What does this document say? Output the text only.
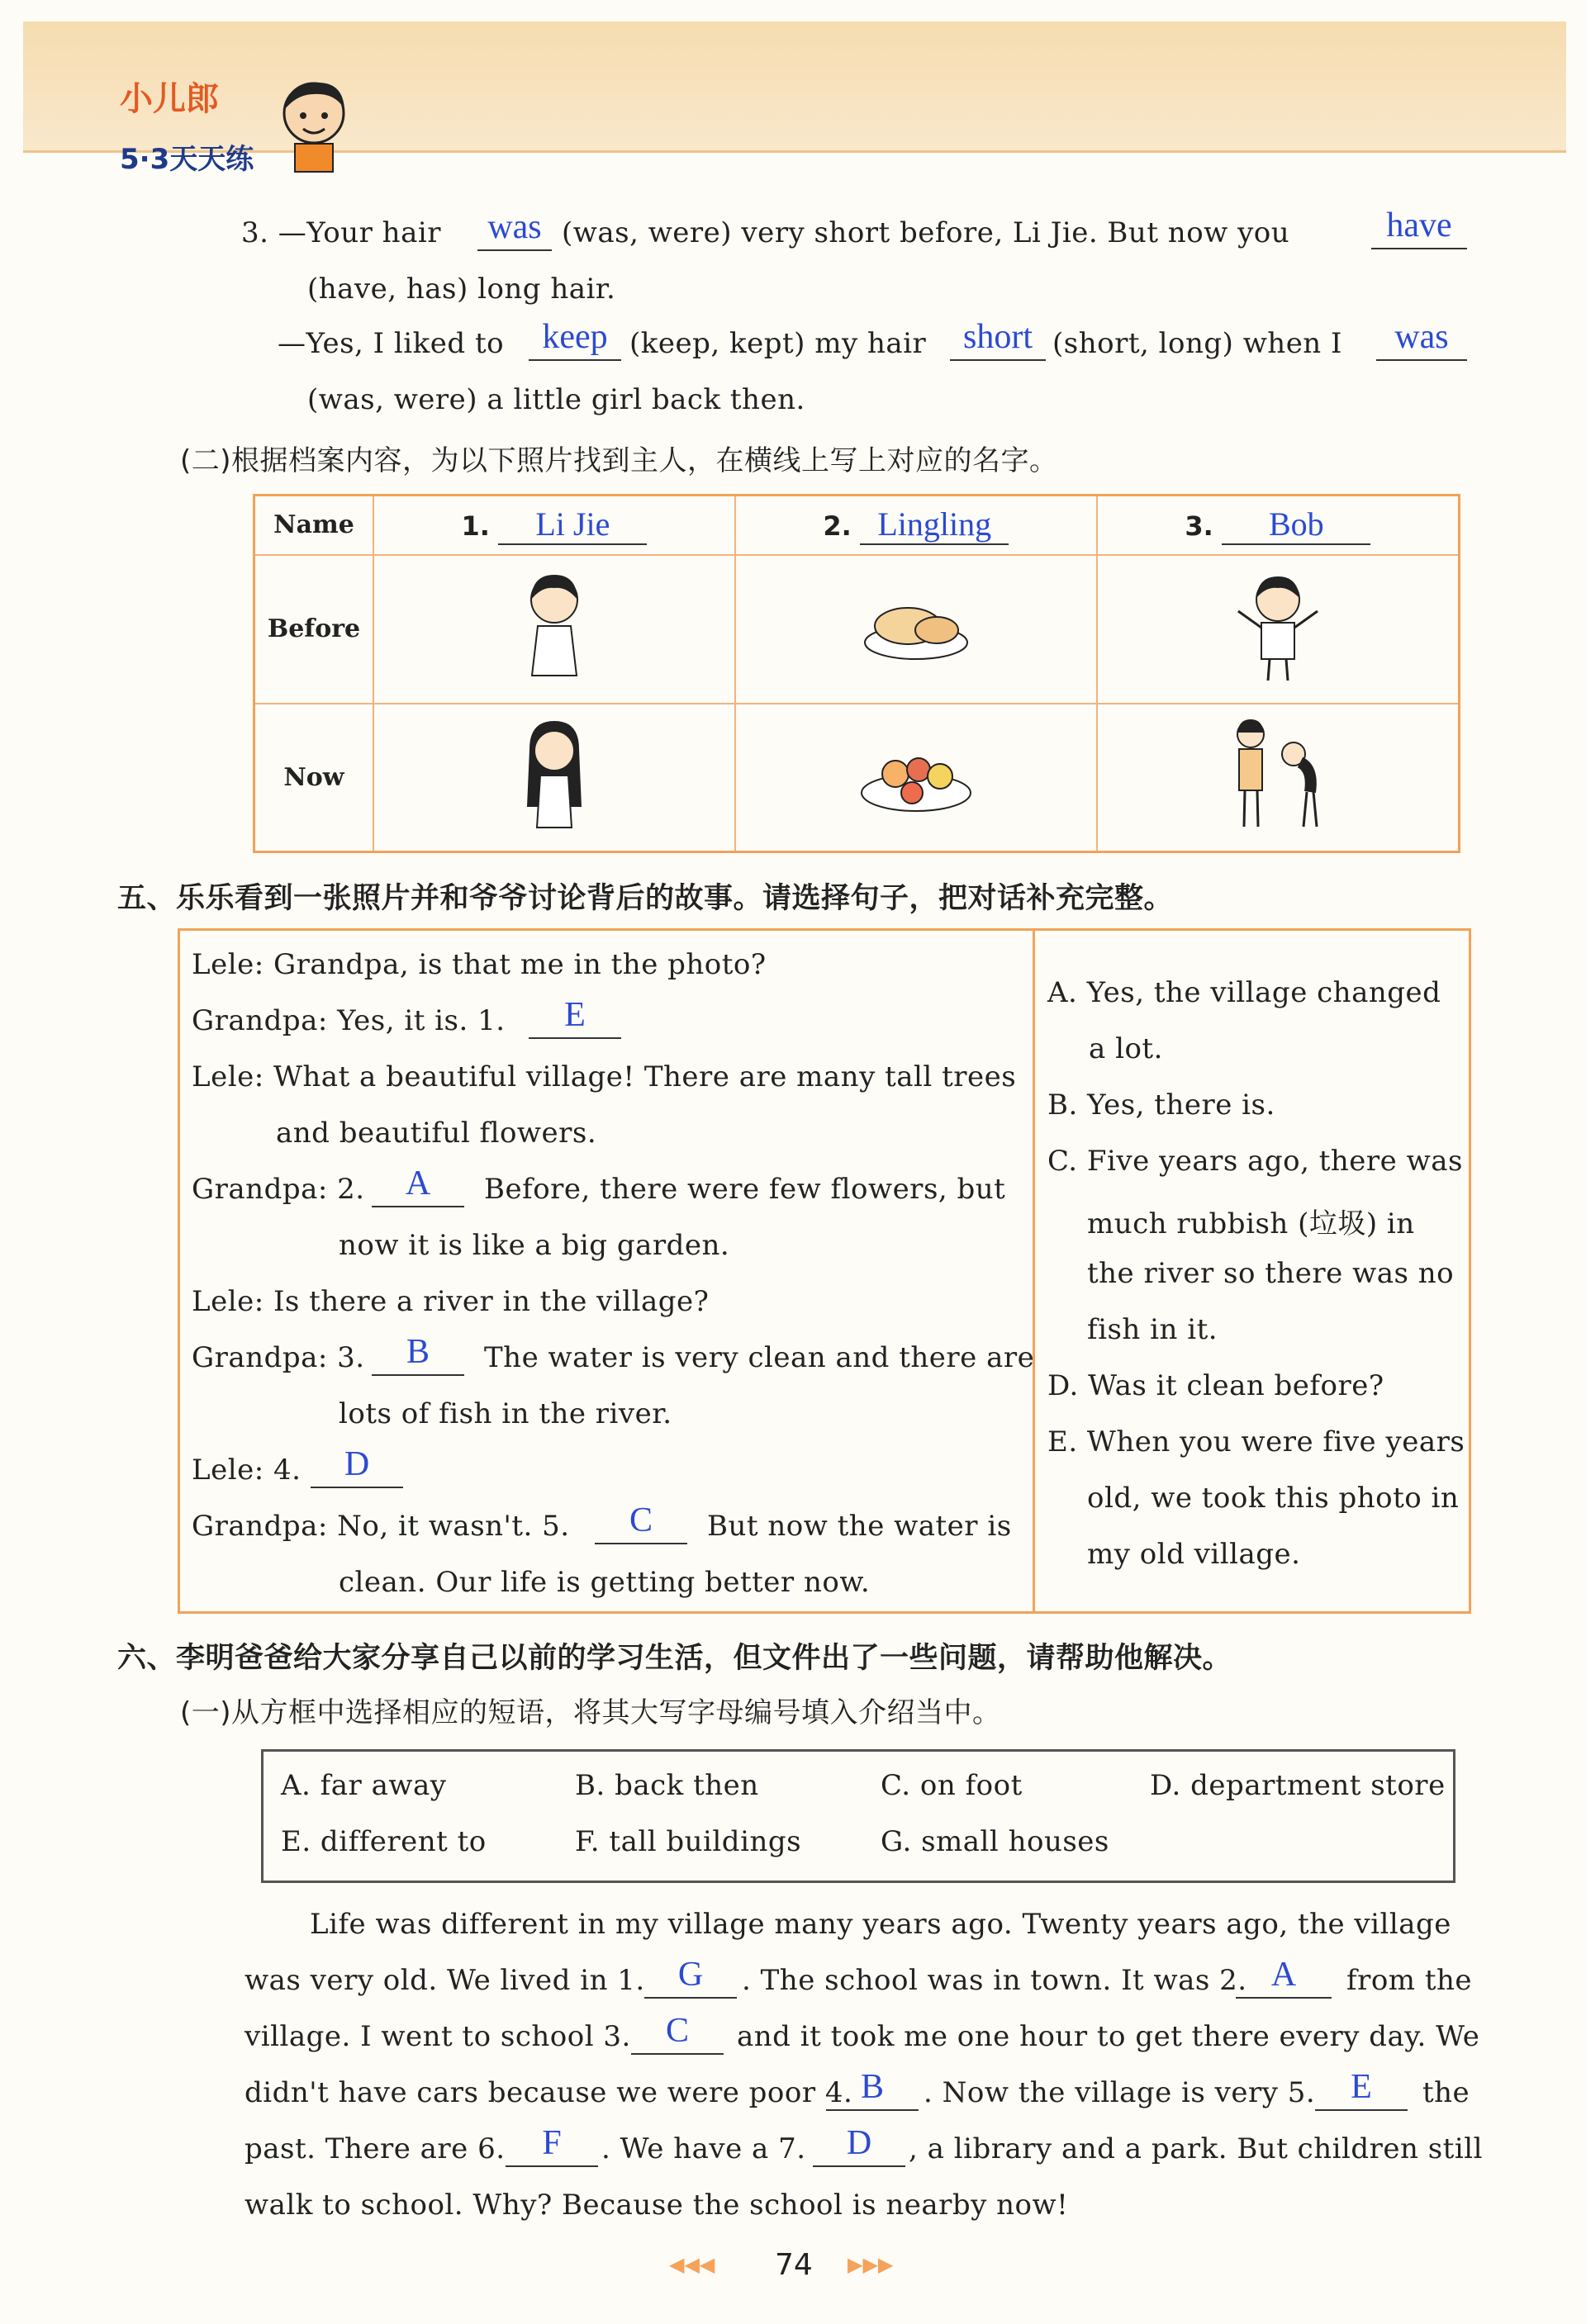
小儿郎
5·3天天练
3. —Your hair was (was, were) very short before, Li Jie. But now you	have
(have, has) long hair.
—Yes, I liked to	keep (keep, kept) my hair	short (short, long) when I	was
(was, were) a little girl back then.
(二)根据档案内容，为以下照片找到主人，在横线上写上对应的名字。
Name	1. Li Jie	2. Lingling	3. Bob
Before			
Now			
五、乐乐看到一张照片并和爷爷讨论背后的故事。请选择句子，把对话补充完整。
Lele: Grandpa, is that me in the photo?
Grandpa: Yes, it is. 1.	E
Lele: What a beautiful village! There are many tall trees
and beautiful flowers.
Grandpa: 2.	A	Before, there were few flowers, but
now it is like a big garden.
Lele: Is there a river in the village?
Grandpa: 3.	B	The water is very clean and there are
lots of fish in the river.
Lele: 4.	D
Grandpa: No, it wasn't. 5.	C	But now the water is
clean. Our life is getting better now.
A. Yes, the village changed
a lot.
B. Yes, there is.
C. Five years ago, there was
much rubbish (垃圾) in
the river so there was no
fish in it.
D. Was it clean before?
E. When you were five years
old, we took this photo in
my old village.
六、李明爸爸给大家分享自己以前的学习生活，但文件出了一些问题，请帮助他解决。
(一)从方框中选择相应的短语，将其大写字母编号填入介绍当中。
A. far away	B. back then	C. on foot	D. department store
E. different to	F. tall buildings	G. small houses
Life was different in my village many years ago. Twenty years ago, the village
was very old. We lived in 1. G	. The school was in town. It was 2. A	from the
village. I went to school 3.	C	and it took me one hour to get there every day. We
didn't have cars because we were poor 4. B	. Now the village is very 5.	E	the
past. There are 6.	F	. We have a 7.	D	, a library and a park. But children still
walk to school. Why? Because the school is nearby now!
◀◀◀ 74 ▶▶▶
